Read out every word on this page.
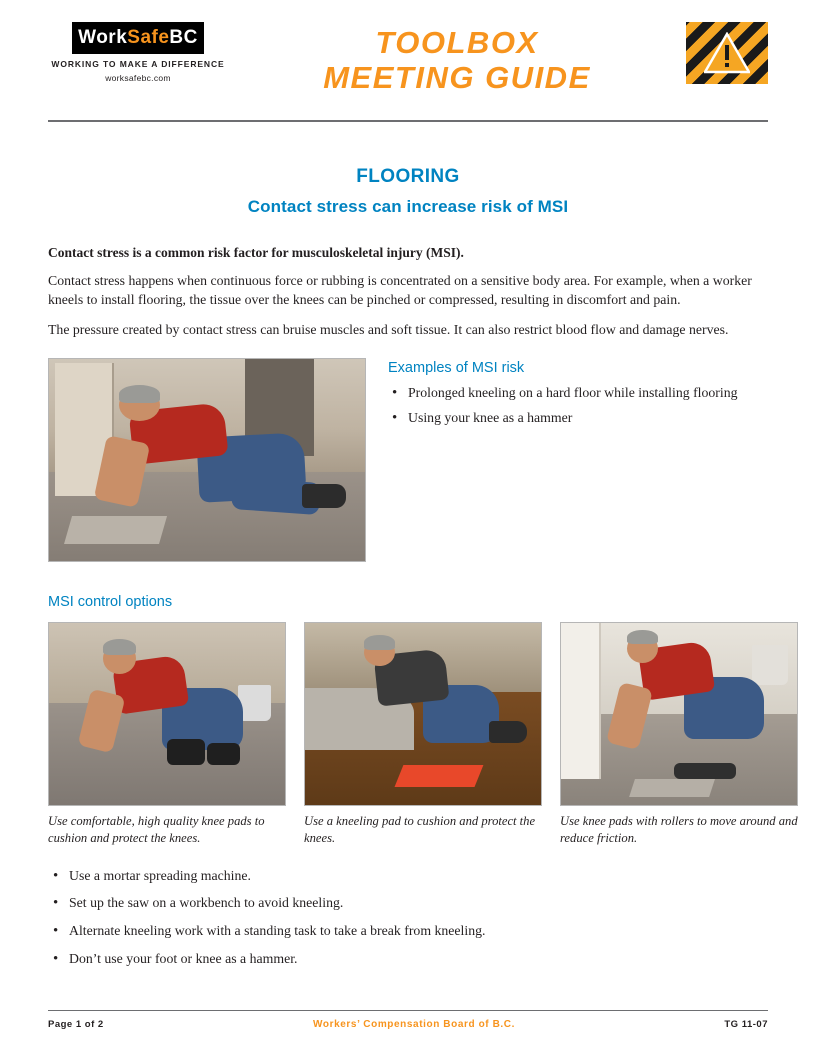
WorkSafeBC
WORKING TO MAKE A DIFFERENCE
worksafebc.com
TOOLBOX
MEETING GUIDE
FLOORING
Contact stress can increase risk of MSI
Contact stress is a common risk factor for musculoskeletal injury (MSI).

Contact stress happens when continuous force or rubbing is concentrated on a sensitive body area. For example, when a worker kneels to install flooring, the tissue over the knees can be pinched or compressed, resulting in discomfort and pain.

The pressure created by contact stress can bruise muscles and soft tissue. It can also restrict blood flow and damage nerves.

Examples of MSI risk
• Prolonged kneeling on a hard floor while installing flooring
• Using your knee as a hammer
MSI control options
Use comfortable, high quality knee pads to cushion and protect the knees.
Use a kneeling pad to cushion and protect the knees.
Use knee pads with rollers to move around and reduce friction.
• Use a mortar spreading machine.
• Set up the saw on a workbench to avoid kneeling.
• Alternate kneeling work with a standing task to take a break from kneeling.
• Don’t use your foot or knee as a hammer.
Page 1 of 2	Workers’ Compensation Board of B.C.	TG 11-07
